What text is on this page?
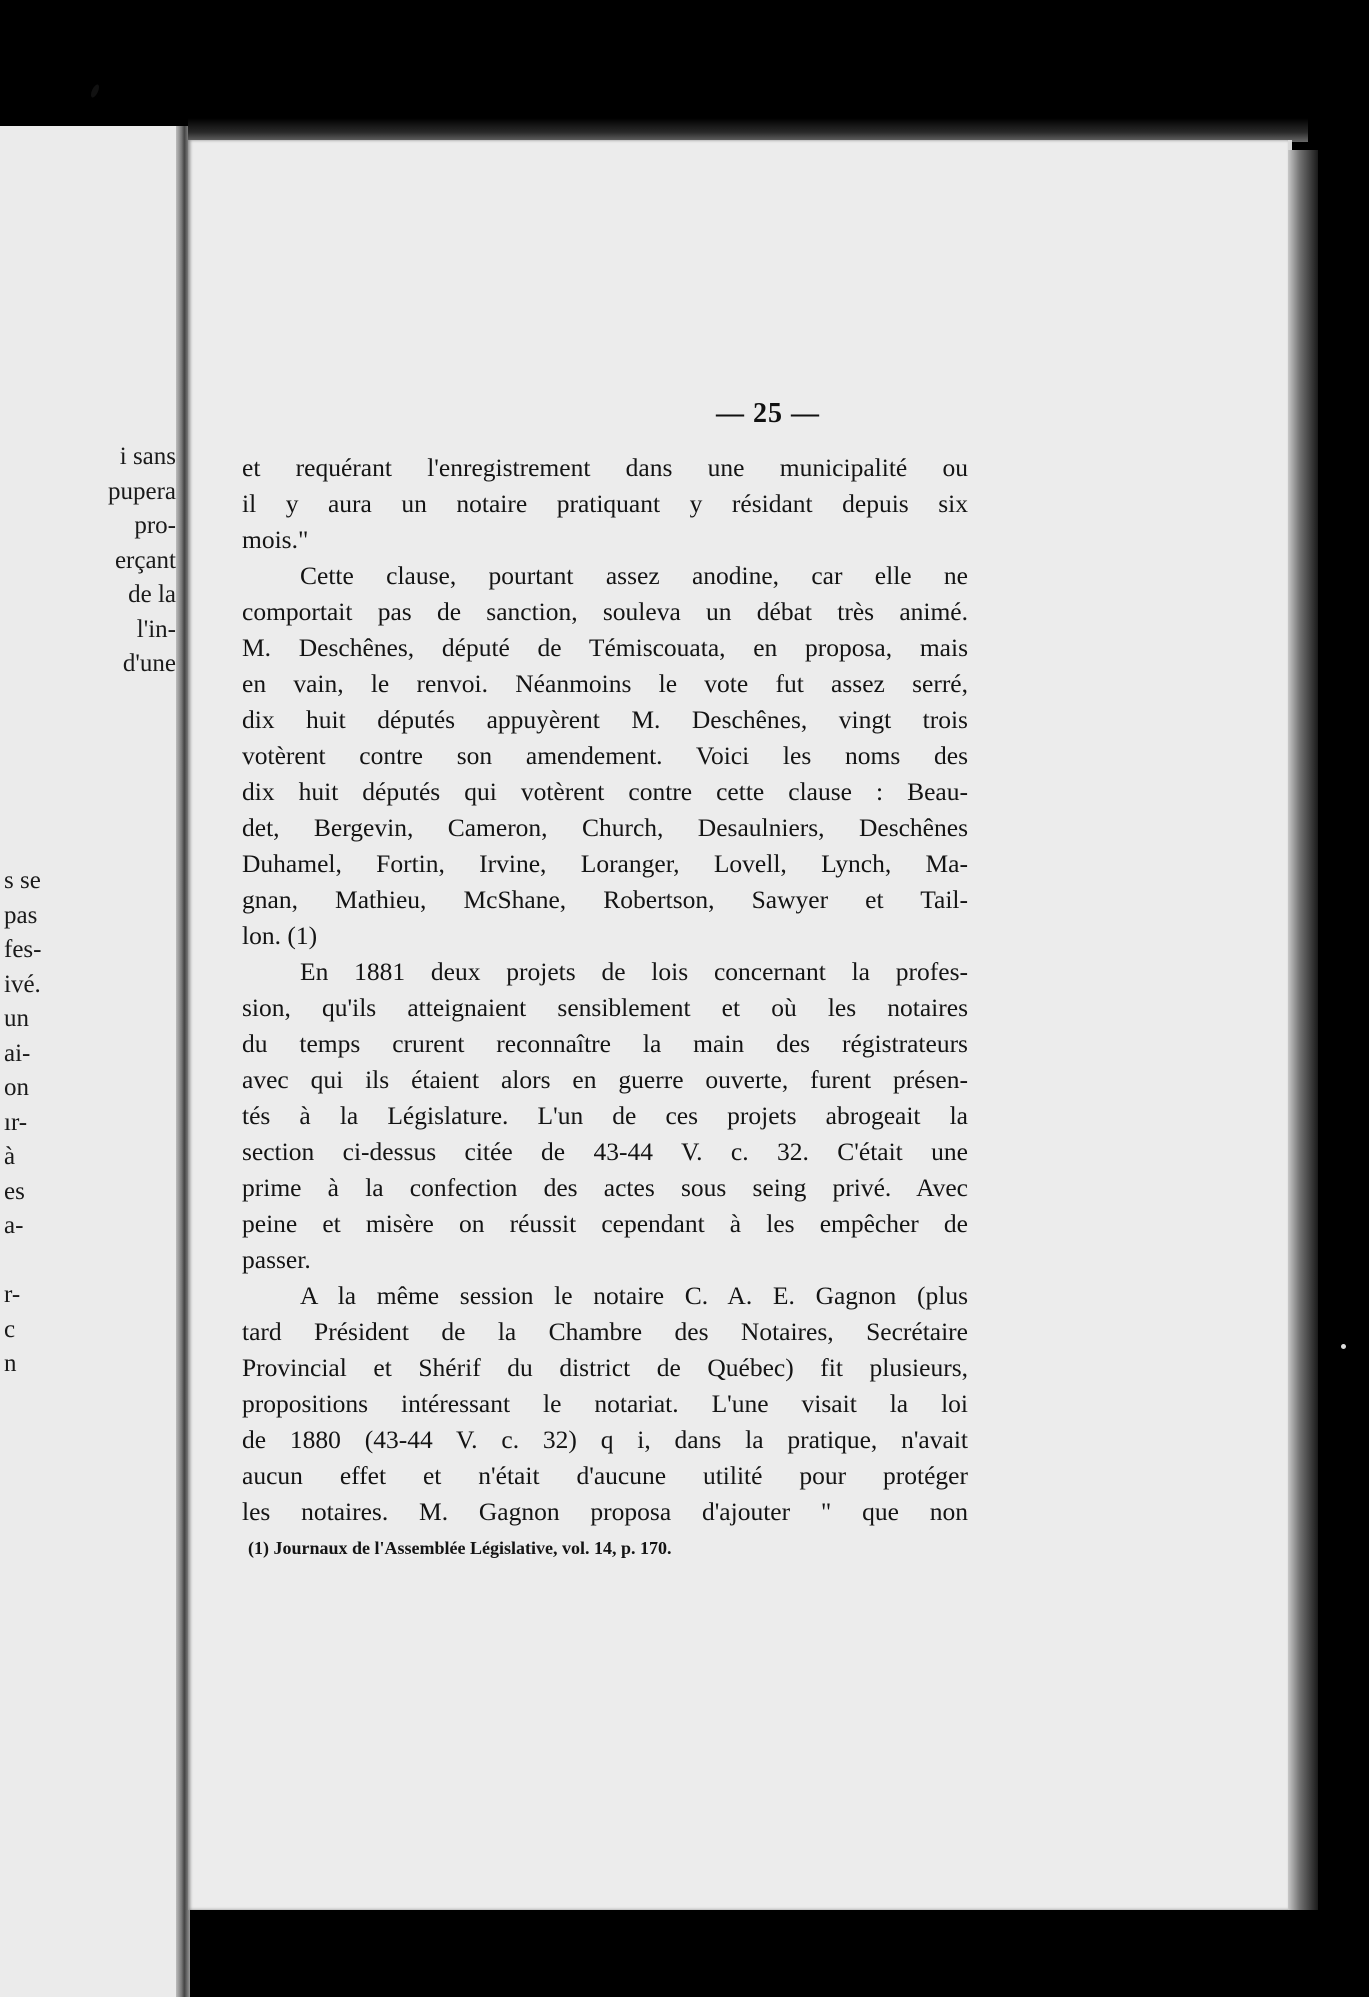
i sans
pupera
pro-
erçant
de la
l'in-
d'une
s se
pas
fes-
ivé.
un
ai-
on
ır-
à
es
a-
r-
c
n
— 25 —
et requérant l'enregistrement dans une municipalité ou
il y aura un notaire pratiquant y résidant depuis six
mois."
Cette clause, pourtant assez anodine, car elle ne
comportait pas de sanction, souleva un débat très animé.
M. Deschênes, député de Témiscouata, en proposa, mais
en vain, le renvoi. Néanmoins le vote fut assez serré,
dix huit députés appuyèrent M. Deschênes, vingt trois
votèrent contre son amendement. Voici les noms des
dix huit députés qui votèrent contre cette clause : Beau-
det, Bergevin, Cameron, Church, Desaulniers, Deschênes
Duhamel, Fortin, Irvine, Loranger, Lovell, Lynch, Ma-
gnan, Mathieu, McShane, Robertson, Sawyer et Tail-
lon. (1)
En 1881 deux projets de lois concernant la profes-
sion, qu'ils atteignaient sensiblement et où les notaires
du temps crurent reconnaître la main des régistrateurs
avec qui ils étaient alors en guerre ouverte, furent présen-
tés à la Législature. L'un de ces projets abrogeait la
section ci-dessus citée de 43-44 V. c. 32. C'était une
prime à la confection des actes sous seing privé. Avec
peine et misère on réussit cependant à les empêcher de
passer.
A la même session le notaire C. A. E. Gagnon (plus
tard Président de la Chambre des Notaires, Secrétaire
Provincial et Shérif du district de Québec) fit plusieurs,
propositions intéressant le notariat. L'une visait la loi
de 1880 (43-44 V. c. 32) q i, dans la pratique, n'avait
aucun effet et n'était d'aucune utilité pour protéger
les notaires. M. Gagnon proposa d'ajouter " que non
(1) Journaux de l'Assemblée Législative, vol. 14, p. 170.
